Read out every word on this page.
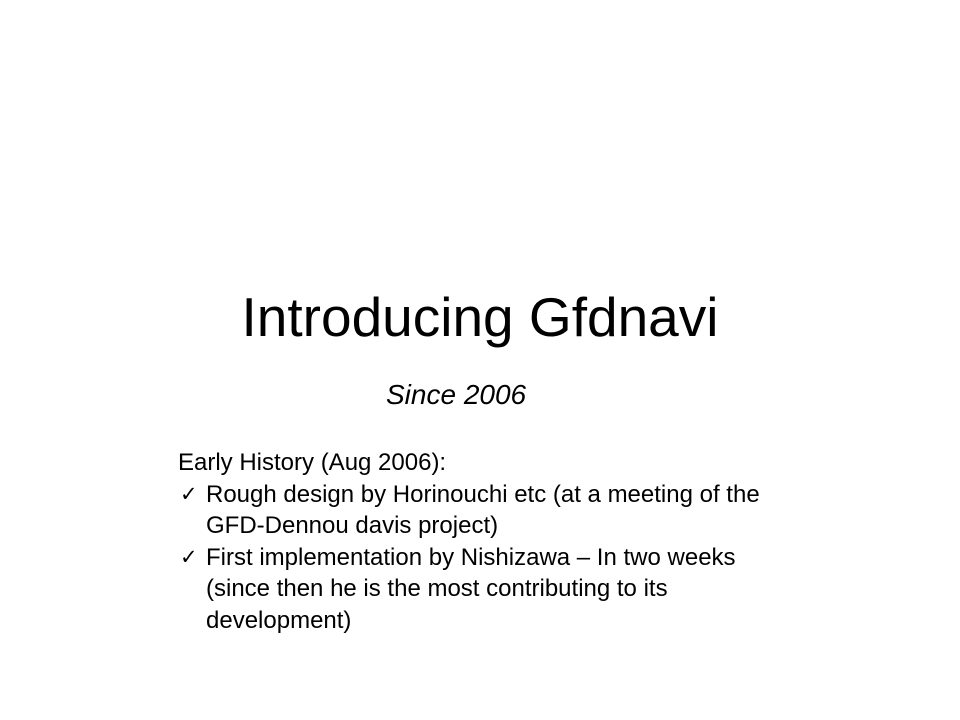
Introducing Gfdnavi

Since 2006

Early History (Aug 2006):

✓ Rough design by Horinouchi etc (at a meeting of the GFD-Dennou davis project)
✓ First implementation by Nishizawa – In two weeks (since then he is the most contributing to its development)
